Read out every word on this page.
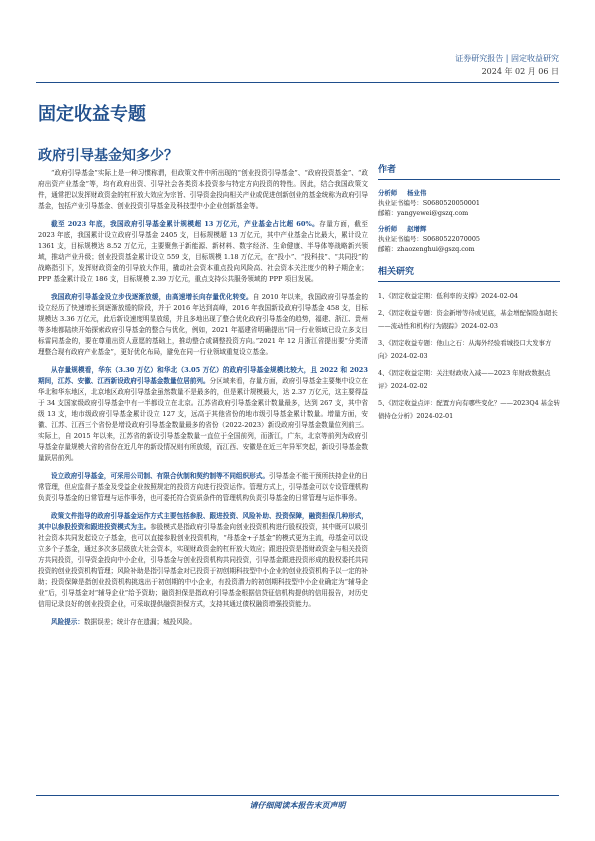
证券研究报告 | 固定收益研究
2024 年 02 月 06 日
固定收益专题
政府引导基金知多少？

“政府引导基金”实际上是一种习惯称谓，但政策文件中所出现的“创业投资引导基金”、“政府投资基金”、“政府出资产业基金”等，均有政府出资、引导社会各类资本投资参与特定方向投资的特性。因此，结合我国政策文件，通常把以发挥财政资金的杠杆放大效应为宗旨、引导资金投向相关产业或促进创新创业的基金统称为政府引导基金，包括产业引导基金、创业投资引导基金及科技型中小企业创新基金等。

截至 2023 年底，我国政府引导基金累计规模超 13 万亿元，产业基金占比超 60%。存量方面，截至 2023 年底，我国累计设立政府引导基金 2405 支，目标规模超 13 万亿元，其中产业基金占比最大，累计设立 1361 支，目标规模达 8.52 万亿元，主要聚焦于新能源、新材料、数字经济、生命健康、半导体等战略新兴领域，推动产业升级；创业投资基金累计设立 559 支，目标规模 1.18 万亿元，在“投小”、“投科技”、“共同投”的战略指引下，发挥财政资金的引导放大作用，撬动社会资本重点投向风险高、社会资本关注度少的种子期企业；PPP 基金累计设立 186 支，目标规模 2.39 万亿元，重点支持公共服务领域的 PPP 项目发展。

我国政府引导基金设立步伐逐渐放缓，由高速增长向存量优化转变。自 2010 年以来，我国政府引导基金的设立经历了快速增长到逐渐放缓的阶段，并于 2016 年达到高峰，2016 年我国新设政府引导基金 458 支，目标规模达 3.36 万亿元，此后新设速度明显放缓，并且多地出现了整合优化政府引导基金的趋势，福建、浙江、贵州等多地都陆续开始探索政府引导基金的整合与优化，例如，2021 年福建省明确提出“同一行业领域已设立多支目标雷同基金的，要在尊重出资人意愿的基础上，推动整合或调整投资方向。”2021 年 12 月浙江省提出要“分类清理整合现有政府产业基金”，更好优化布局，避免在同一行业领域重复设立基金。

从存量规模看，华东（3.30 万亿）和华北（3.05 万亿）的政府引导基金规模比较大，且 2022 和 2023 期间，江苏、安徽、江西新设政府引导基金数量位居前列。分区域来看，存量方面，政府引导基金主要集中设立在华北和华东地区，北京地区政府引导基金虽然数量不是最多的，但是累计规模最大，达 2.37 万亿元，这主要得益于 34 支国家级政府引导基金中有一半都设立在北京。江苏省政府引导基金累计数量最多，达到 267 支，其中省级 13 支，地市级政府引导基金累计设立 127 支，远高于其他省份的地市级引导基金累计数量。增量方面，安徽、江苏、江西三个省份是增设政府引导基金数量最多的省份（2022-2023）新设政府引导基金数量位列前三。实际上，自 2015 年以来，江苏省的新设引导基金数量一直位于全国前列，而浙江，广东，北京等前列为政府引导基金存量规模大省的省份在近几年的新设情况则有所放缓，而江西、安徽是在近三年异军突起，新设引导基金数量跃居前列。

设立政府引导基金，可采用公司制、有限合伙制和契约制等不同组织形式。引导基金不能干预所扶持企业的日常管理，但应监督子基金及受益企业按照规定的投资方向进行投资运作。管理方式上，引导基金可以专设管理机构负责引导基金的日常管理与运作事务，也可委托符合资质条件的管理机构负责引导基金的日常管理与运作事务。

政策文件指导的政府引导基金运作方式主要包括参股、跟进投资、风险补助、投资保障，融资担保几种形式，其中以参股投资和跟进投资模式为主。参股模式是指政府引导基金向创业投资机构进行股权投资，其中既可以吸引社会资本共同发起设立子基金，也可以直接参股创业投资机构，“母基金+子基金”的模式更为主流，母基金可以设立多个子基金，通过多次多层级放大社会资本，实现财政资金的杠杆放大效应；跟进投资是指财政资金与相关投资方共同投资，引导资金投向中小企业，引导基金与创业投资机构共同投资，引导基金跟进投资形成的股权委托共同投资的创业投资机构管理；风险补助是指引导基金对已投资于初创期科技型中小企业的创业投资机构予以一定的补助；投资保障是指创业投资机构挑选出于初创期的中小企业，有投资潜力的初创期科技型中小企业确定为“辅导企业”后，引导基金对“辅导企业”给予资助；融资担保是指政府引导基金根据信贷征信机构提供的信用报告，对历史信用记录良好的创业投资企业，可采取提供融资担保方式，支持其通过债权融资增强投资能力。

风险提示：数据误差；统计存在遗漏；城投风险。

作者
分析师 杨业伟
执业证书编号：S0680520050001
邮箱：yangyewei@gszq.com
分析师 赵增辉
执业证书编号：S0680522070005
邮箱：zhaozenghui@gszq.com
相关研究
1、《固定收益定期：低利率的支撑》2024-02-04
2、《固定收益专题：资金新增等待或见底，基金增配保险加超长——流动性和机构行为跟踪》2024-02-03
3、《固定收益专题：他山之石：从海外经验看城投口大发事方向》2024-02-03
4、《固定收益定期：关注财政收入减——2023 年财政数据点评》2024-02-02
5、《固定收益点评：配置方向有哪些变化？——2023Q4 基金转债持仓分析》2024-02-01
请仔细阅读本报告末页声明
